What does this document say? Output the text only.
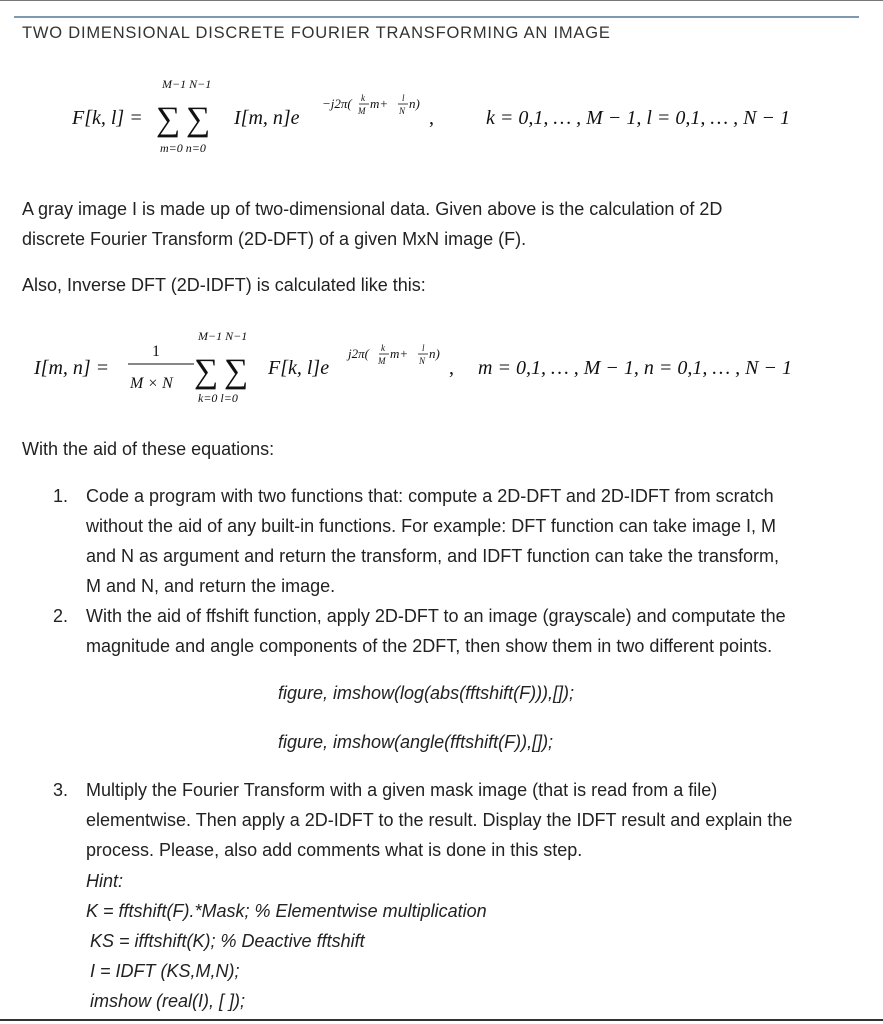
TWO DIMENSIONAL DISCRETE FOURIER TRANSFORMING AN IMAGE
F[k, l] =
M−1 N−1
∑ ∑
m=0 n=0
I[m, n]e
−j2π( k
M m+ l
N n)
,	k = 0,1, … , M − 1, l = 0,1, … , N − 1
A gray image I is made up of two-dimensional data. Given above is the calculation of 2D
discrete Fourier Transform (2D-DFT) of a given MxN image (F).
Also, Inverse DFT (2D-IDFT) is calculated like this:
I[m, n] =
1
M × N
M−1 N−1
∑ ∑
k=0 l=0
F[k, l]e
j2π( k
M m+ l
N n)
, m = 0,1, … , M − 1, n = 0,1, … , N − 1
With the aid of these equations:
1. Code a program with two functions that: compute a 2D-DFT and 2D-IDFT from scratch
without the aid of any built-in functions. For example: DFT function can take image I, M
and N as argument and return the transform, and IDFT function can take the transform,
M and N, and return the image.
2. With the aid of ffshift function, apply 2D-DFT to an image (grayscale) and computate the
magnitude and angle components of the 2DFT, then show them in two different points.
figure, imshow(log(abs(fftshift(F))),[]);
figure, imshow(angle(fftshift(F)),[]);
3. Multiply the Fourier Transform with a given mask image (that is read from a file)
elementwise. Then apply a 2D-IDFT to the result. Display the IDFT result and explain the
process. Please, also add comments what is done in this step.
Hint:
K = fftshift(F).*Mask; % Elementwise multiplication
KS = ifftshift(K); % Deactive fftshift
I = IDFT (KS,M,N);
imshow (real(I), [ ]);
